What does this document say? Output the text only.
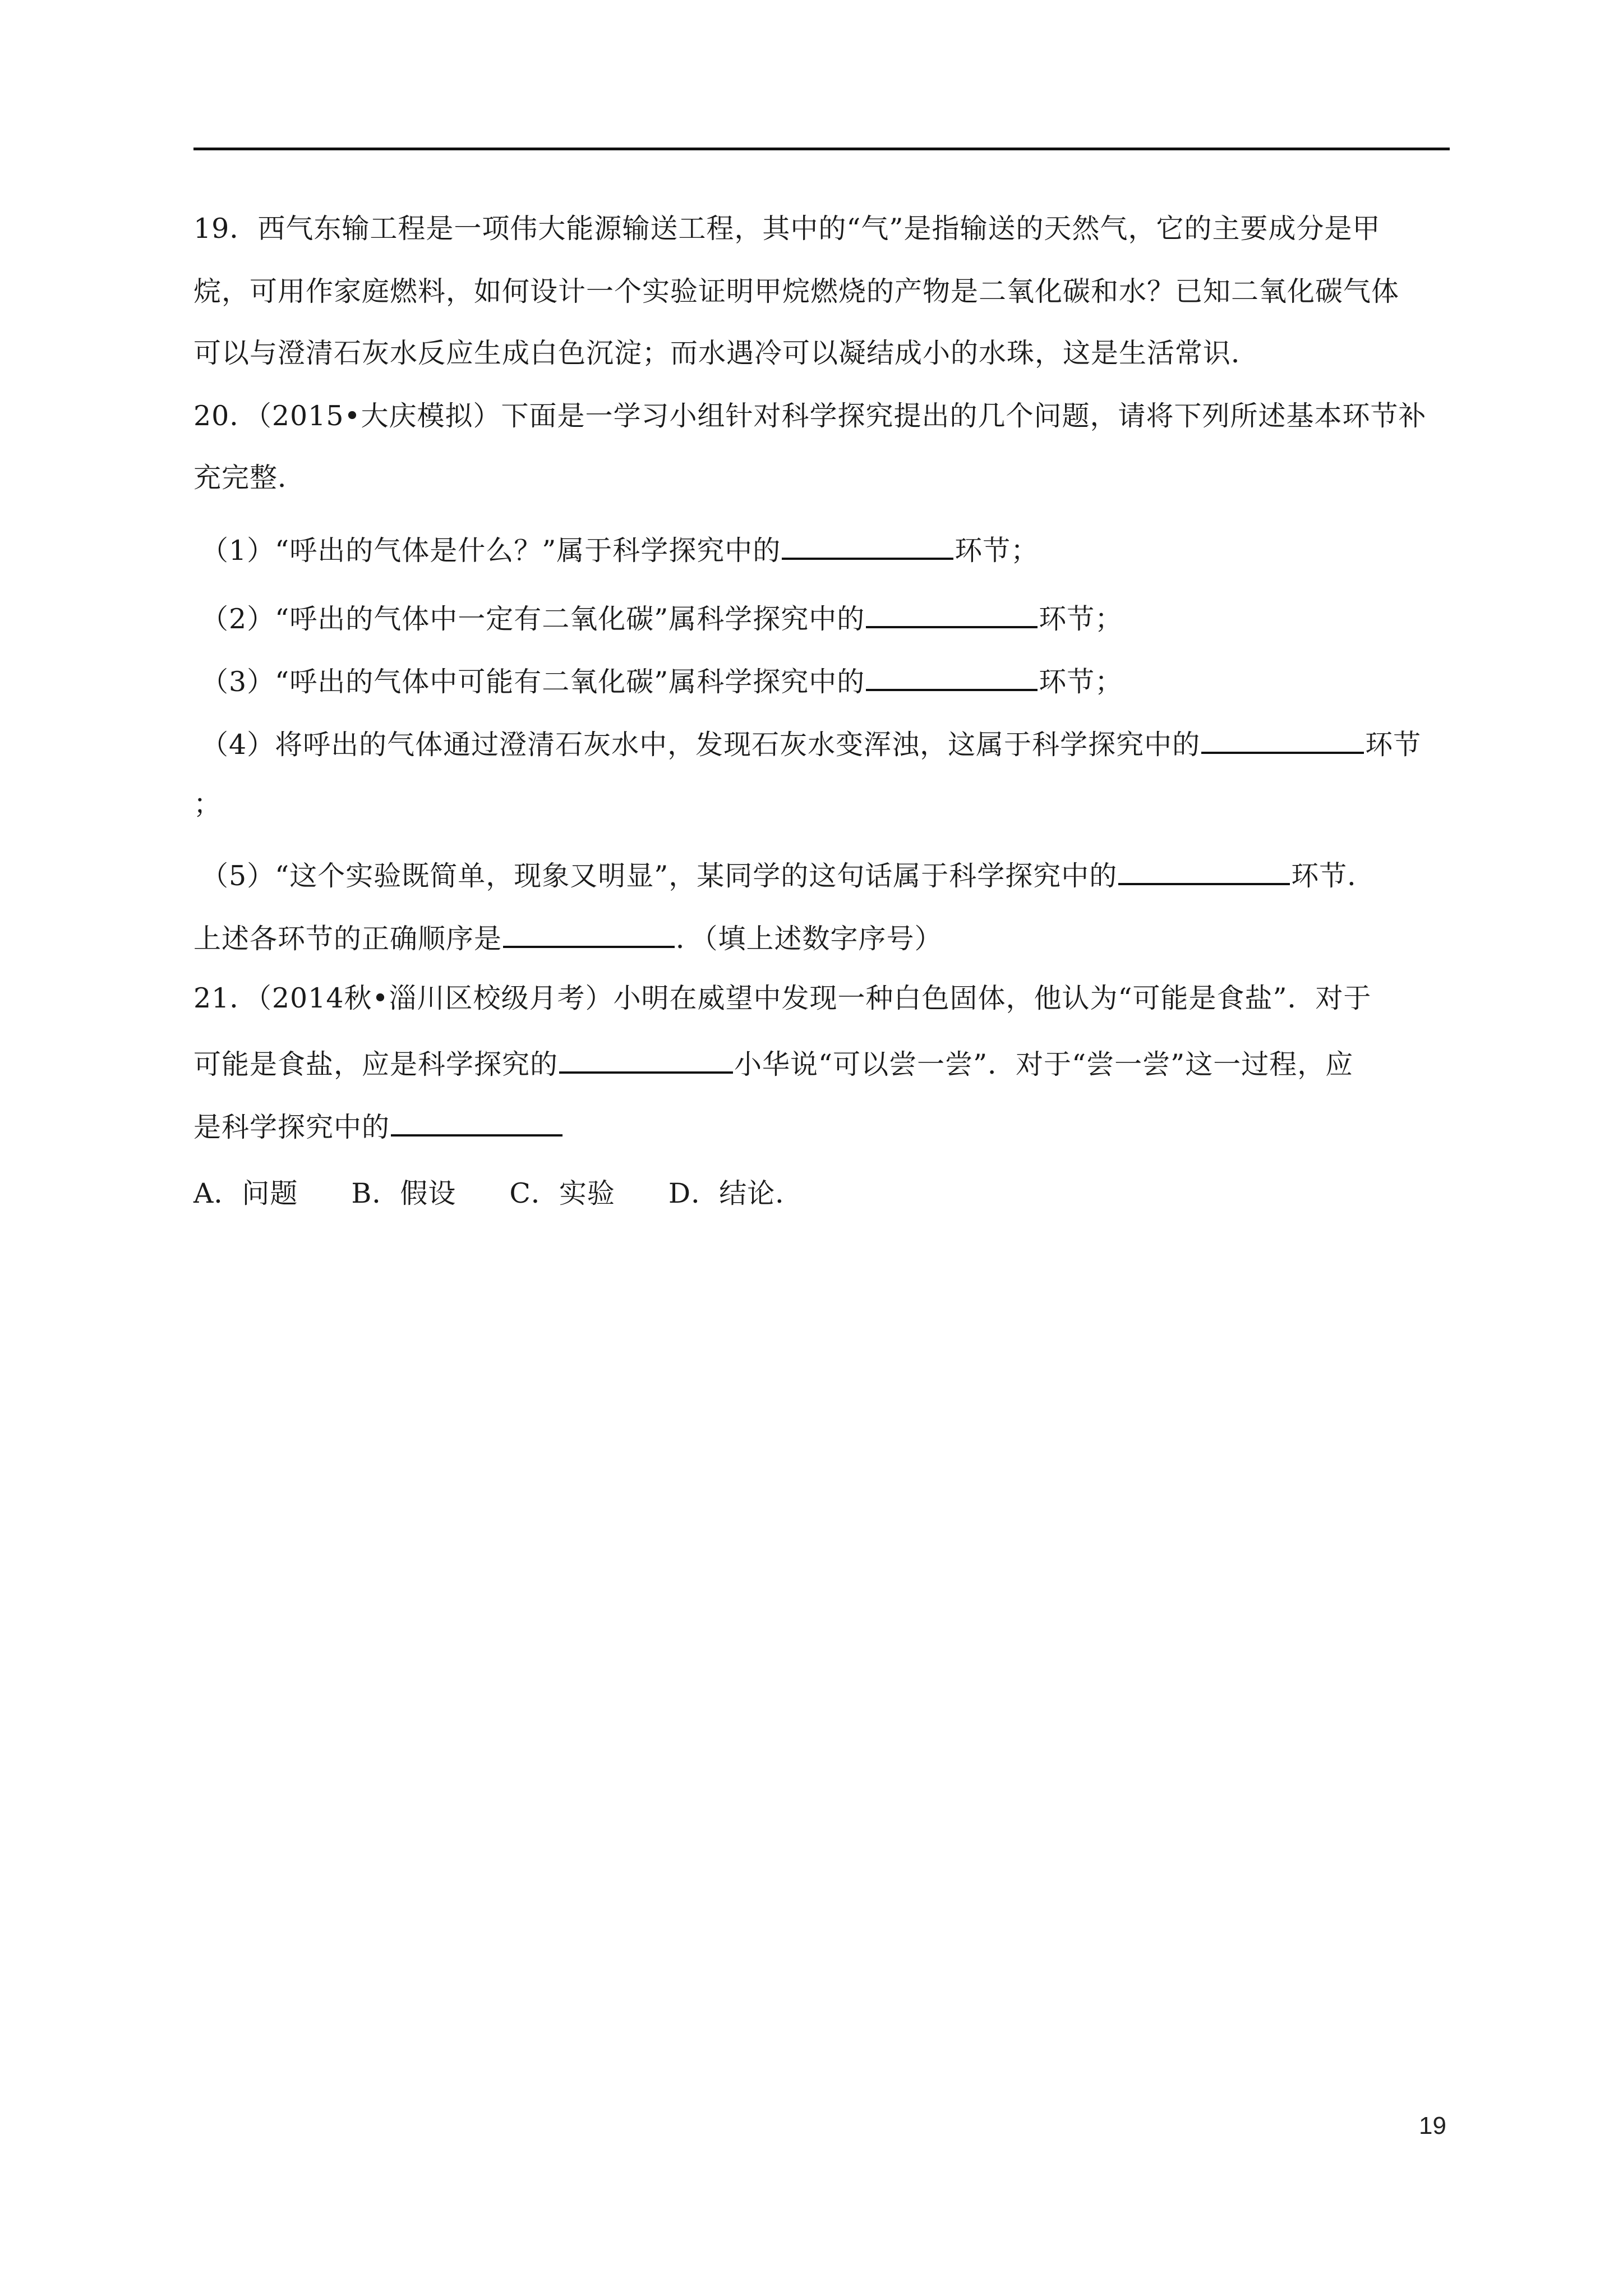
19．西气东输工程是一项伟大能源输送工程，其中的“气”是指输送的天然气，它的主要成分是甲
烷，可用作家庭燃料，如何设计一个实验证明甲烷燃烧的产物是二氧化碳和水？已知二氧化碳气体
可以与澄清石灰水反应生成白色沉淀；而水遇冷可以凝结成小的水珠，这是生活常识．
20．（2015•大庆模拟）下面是一学习小组针对科学探究提出的几个问题，请将下列所述基本环节补
充完整．
（1）“呼出的气体是什么？”属于科学探究中的	环节；
（2）“呼出的气体中一定有二氧化碳”属科学探究中的	环节；
（3）“呼出的气体中可能有二氧化碳”属科学探究中的	环节；
（4）将呼出的气体通过澄清石灰水中，发现石灰水变浑浊，这属于科学探究中的	环节
；
（5）“这个实验既简单，现象又明显”，某同学的这句话属于科学探究中的	环节．
上述各环节的正确顺序是	．（填上述数字序号）
21．（2014秋•淄川区校级月考）小明在威望中发现一种白色固体，他认为“可能是食盐”．对于
可能是食盐，应是科学探究的	小华说“可以尝一尝”．对于“尝一尝”这一过程，应
是科学探究中的
A．问题 B．假设 C．实验 D．结论．
19
